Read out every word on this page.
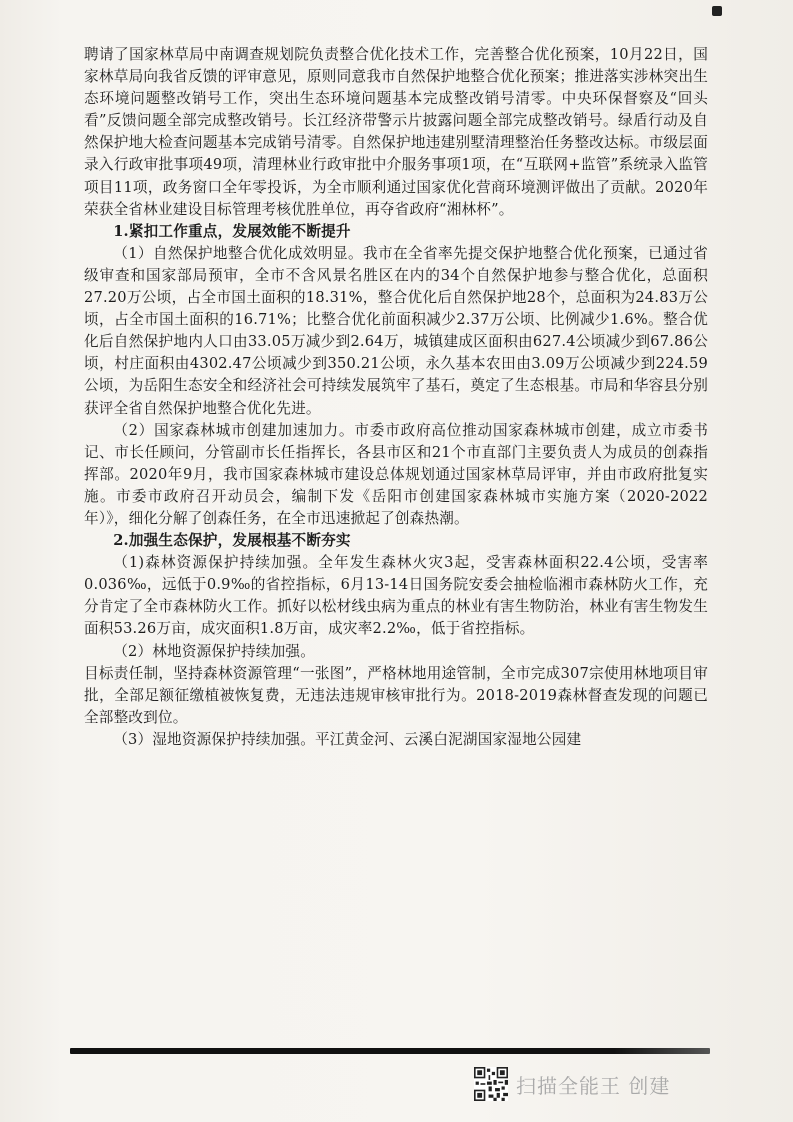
聘请了国家林草局中南调查规划院负责整合优化技术工作，完善整合优化预案，10月22日，国家林草局向我省反馈的评审意见，原则同意我市自然保护地整合优化预案；推进落实涉林突出生态环境问题整改销号工作，突出生态环境问题基本完成整改销号清零。中央环保督察及“回头看”反馈问题全部完成整改销号。长江经济带警示片披露问题全部完成整改销号。绿盾行动及自然保护地大检查问题基本完成销号清零。自然保护地违建别墅清理整治任务整改达标。市级层面录入行政审批事项49项，清理林业行政审批中介服务事项1项，在“互联网+监管”系统录入监管项目11项，政务窗口全年零投诉，为全市顺利通过国家优化营商环境测评做出了贡献。2020年荣获全省林业建设目标管理考核优胜单位，再夺省政府“湘林杯”。

1.紧扣工作重点，发展效能不断提升

（1）自然保护地整合优化成效明显。我市在全省率先提交保护地整合优化预案，已通过省级审查和国家部局预审，全市不含风景名胜区在内的34个自然保护地参与整合优化，总面积27.20万公顷，占全市国土面积的18.31%，整合优化后自然保护地28个，总面积为24.83万公顷，占全市国土面积的16.71%；比整合优化前面积减少2.37万公顷、比例减少1.6%。整合优化后自然保护地内人口由33.05万减少到2.64万，城镇建成区面积由627.4公顷减少到67.86公顷，村庄面积由4302.47公顷减少到350.21公顷，永久基本农田由3.09万公顷减少到224.59公顷，为岳阳生态安全和经济社会可持续发展筑牢了基石，奠定了生态根基。市局和华容县分别获评全省自然保护地整合优化先进。

（2）国家森林城市创建加速加力。市委市政府高位推动国家森林城市创建，成立市委书记、市长任顾问，分管副市长任指挥长，各县市区和21个市直部门主要负责人为成员的创森指挥部。2020年9月，我市国家森林城市建设总体规划通过国家林草局评审，并由市政府批复实施。市委市政府召开动员会，编制下发《岳阳市创建国家森林城市实施方案（2020-2022年）》，细化分解了创森任务，在全市迅速掀起了创森热潮。

2.加强生态保护，发展根基不断夯实

（1)森林资源保护持续加强。全年发生森林火灾3起，受害森林面积22.4公顷，受害率0.036‰，远低于0.9‰的省控指标，6月13-14日国务院安委会抽检临湘市森林防火工作，充分肯定了全市森林防火工作。抓好以松材线虫病为重点的林业有害生物防治，林业有害生物发生面积53.26万亩，成灾面积1.8万亩，成灾率2.2‰，低于省控指标。

（2）林地资源保护持续加强。

目标责任制，坚持森林资源管理“一张图”，严格林地用途管制，全市完成307宗使用林地项目审批，全部足额征缴植被恢复费，无违法违规审核审批行为。2018-2019森林督查发现的问题已全部整改到位。

（3）湿地资源保护持续加强。平江黄金河、云溪白泥湖国家湿地公园建

扫描全能王 创建
